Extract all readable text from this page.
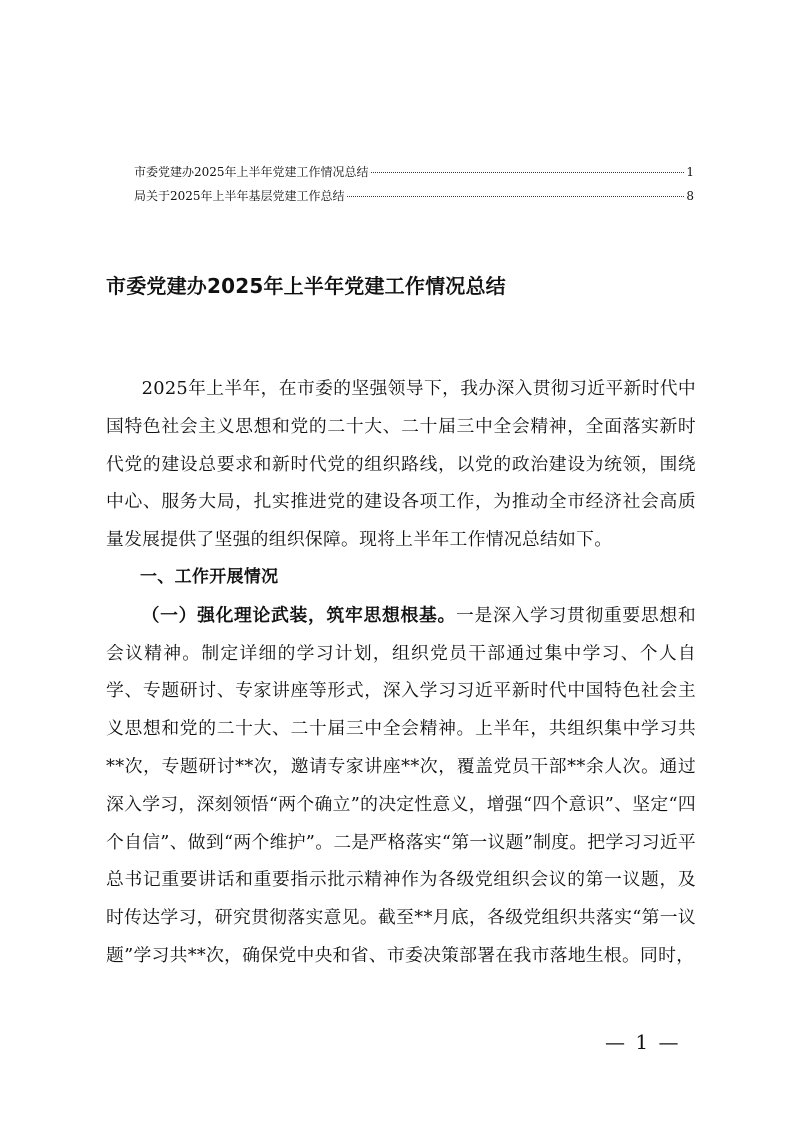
市委党建办2025年上半年党建工作情况总结	1
局关于2025年上半年基层党建工作总结	8
市委党建办2025年上半年党建工作情况总结

2025年上半年，在市委的坚强领导下，我办深入贯彻习近平新时代中国特色社会主义思想和党的二十大、二十届三中全会精神，全面落实新时代党的建设总要求和新时代党的组织路线，以党的政治建设为统领，围绕中心、服务大局，扎实推进党的建设各项工作，为推动全市经济社会高质量发展提供了坚强的组织保障。现将上半年工作情况总结如下。

一、工作开展情况

（一）强化理论武装，筑牢思想根基。一是深入学习贯彻重要思想和会议精神。制定详细的学习计划，组织党员干部通过集中学习、个人自学、专题研讨、专家讲座等形式，深入学习习近平新时代中国特色社会主义思想和党的二十大、二十届三中全会精神。上半年，共组织集中学习共**次，专题研讨**次，邀请专家讲座**次，覆盖党员干部**余人次。通过深入学习，深刻领悟“两个确立”的决定性意义，增强“四个意识”、坚定“四个自信”、做到“两个维护”。二是严格落实“第一议题”制度。把学习习近平总书记重要讲话和重要指示批示精神作为各级党组织会议的第一议题，及时传达学习，研究贯彻落实意见。截至**月底，各级党组织共落实“第一议题”学习共**次，确保党中央和省、市委决策部署在我市落地生根。同时，

— 1 —
